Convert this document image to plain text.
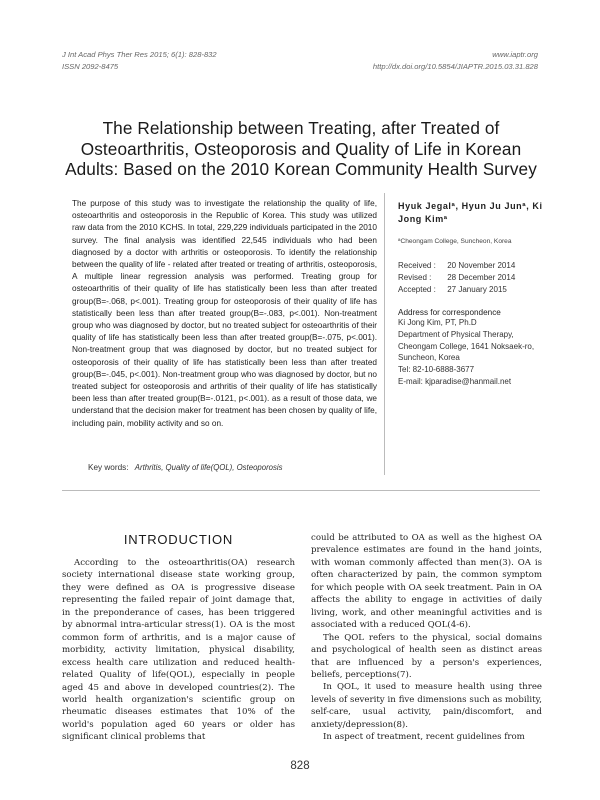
J Int Acad Phys Ther Res 2015; 6(1): 828-832
ISSN 2092-8475
www.iaptr.org
http://dx.doi.org/10.5854/JIAPTR.2015.03.31.828
The Relationship between Treating, after Treated of
Osteoarthritis, Osteoporosis and Quality of Life in Korean
Adults: Based on the 2010 Korean Community Health Survey

The purpose of this study was to investigate the relationship the quality of life, osteoarthritis and osteoporosis in the Republic of Korea. This study was utilized raw data from the 2010 KCHS. In total, 229,229 individuals participated in the 2010 survey. The final analysis was identified 22,545 individuals who had been diagnosed by a doctor with arthritis or osteoporosis. To identify the relationship between the quality of life - related after treated or treating of arthritis, osteoporosis, A multiple linear regression analysis was performed. Treating group for osteoarthritis of their quality of life has statistically been less than after treated group(B=-.068, p<.001). Treating group for osteoporosis of their quality of life has statistically been less than after treated group(B=-.083, p<.001). Non-treatment group who was diagnosed by doctor, but no treated subject for osteoarthritis of their quality of life has statistically been less than after treated group(B=-.075, p<.001). Non-treatment group that was diagnosed by doctor, but no treated subject for osteoporosis of their quality of life has statistically been less than after treated group(B=-.045, p<.001). Non-treatment group who was diagnosed by doctor, but no treated subject for osteoporosis and arthritis of their quality of life has statistically been less than after treated group(B=-.0121, p<.001). as a result of those data, we understand that the decision maker for treatment has been chosen by quality of life, including pain, mobility activity and so on.

Key words: Arthritis, Quality of life(QOL), Osteoporosis
Hyuk Jegalª, Hyun Ju Junª, Ki Jong Kimª
ªCheongam College, Suncheon, Korea
Received : 20 November 2014
Revised : 28 December 2014
Accepted : 27 January 2015
Address for correspondence
Ki Jong Kim, PT, Ph.D
Department of Physical Therapy, Cheongam College, 1641 Noksaek-ro, Suncheon, Korea
Tel: 82-10-6888-3677
E-mail: kjparadise@hanmail.net
INTRODUCTION

According to the osteoarthritis(OA) research society international disease state working group, they were defined as OA is progressive disease representing the failed repair of joint damage that, in the preponderance of cases, has been triggered by abnormal intra-articular stress(1). OA is the most common form of arthritis, and is a major cause of morbidity, activity limitation, physical disability, excess health care utilization and reduced health-related Quality of life(QOL), especially in people aged 45 and above in developed countries(2). The world health organization's scientific group on rheumatic diseases estimates that 10% of the world's population aged 60 years or older has significant clinical problems that

could be attributed to OA as well as the highest OA prevalence estimates are found in the hand joints, with woman commonly affected than men(3). OA is often characterized by pain, the common symptom for which people with OA seek treatment. Pain in OA affects the ability to engage in activities of daily living, work, and other meaningful activities and is associated with a reduced QOL(4-6).

The QOL refers to the physical, social domains and psychological of health seen as distinct areas that are influenced by a person's experiences, beliefs, perceptions(7).

In QOL, it used to measure health using three levels of severity in five dimensions such as mobility, self-care, usual activity, pain/discomfort, and anxiety/depression(8).

In aspect of treatment, recent guidelines from

828
